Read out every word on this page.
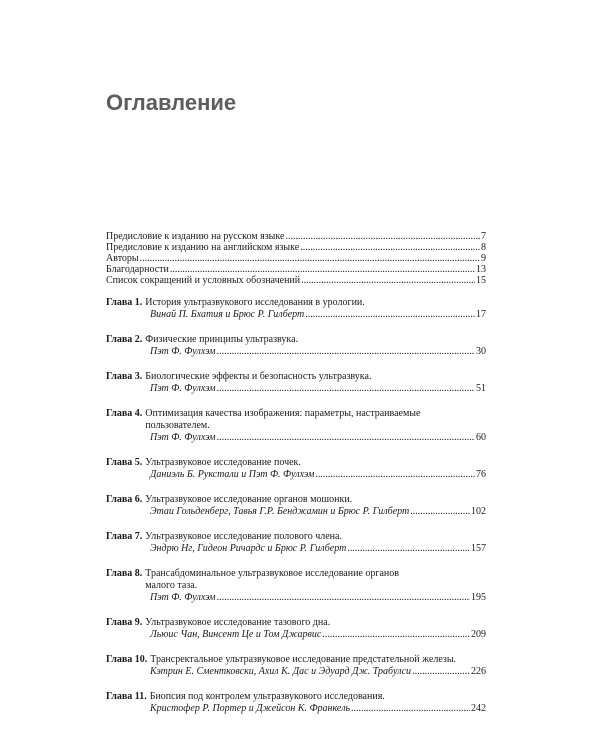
Оглавление
Предисловие к изданию на русском языке .....	7
Предисловие к изданию на английском языке .....	8
Авторы .....	9
Благодарности .....	13
Список сокращений и условных обозначений .....	15
Глава 1. История ультразвукового исследования в урологии.
Винай П. Бхатия и Брюс Р. Гилберт .....	17
Глава 2. Физические принципы ультразвука.
Пэт Ф. Фулхэм .....	30
Глава 3. Биологические эффекты и безопасность ультразвука.
Пэт Ф. Фулхэм .....	51
Глава 4. Оптимизация качества изображения: параметры, настраиваемые
пользователем.
Пэт Ф. Фулхэм .....	60
Глава 5. Ультразвуковое исследование почек.
Даниэль Б. Рукстали и Пэт Ф. Фулхэм .....	76
Глава 6. Ультразвуковое исследование органов мошонки.
Этаи Гольденберг, Тавья Г.Р. Бенджамин и Брюс Р. Гилберт .....	102
Глава 7. Ультразвуковое исследование полового члена.
Эндрю Нг, Гидеон Ричардс и Брюс Р. Гилберт .....	157
Глава 8. Трансабдоминальное ультразвуковое исследование органов
малого таза.
Пэт Ф. Фулхэм .....	195
Глава 9. Ультразвуковое исследование тазового дна.
Льюис Чан, Винсент Це и Том Джарвис .....	209
Глава 10. Трансректальное ультразвуковое исследование предстательной железы.
Кэтрин Е. Сментковски, Ахил К. Дас и Эдуард Дж. Трабулси .....	226
Глава 11. Биопсия под контролем ультразвукового исследования.
Кристофер Р. Портер и Джейсон К. Франкель .....	242
